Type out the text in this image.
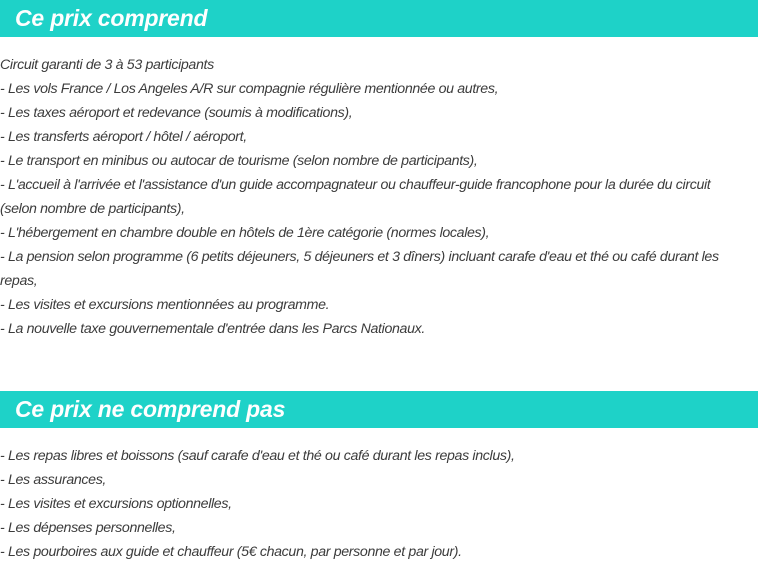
Ce prix comprend
Circuit garanti de 3 à 53 participants
- Les vols France / Los Angeles A/R sur compagnie régulière mentionnée ou autres,
- Les taxes aéroport et redevance (soumis à modifications),
- Les transferts aéroport / hôtel / aéroport,
- Le transport en minibus ou autocar de tourisme (selon nombre de participants),
- L'accueil à l'arrivée et l'assistance d'un guide accompagnateur ou chauffeur-guide francophone pour la durée du circuit
(selon nombre de participants),
- L'hébergement en chambre double en hôtels de 1ère catégorie (normes locales),
- La pension selon programme (6 petits déjeuners, 5 déjeuners et 3 dîners) incluant carafe d'eau et thé ou café durant les
repas,
- Les visites et excursions mentionnées au programme.
- La nouvelle taxe gouvernementale d'entrée dans les Parcs Nationaux.
Ce prix ne comprend pas
- Les repas libres et boissons (sauf carafe d'eau et thé ou café durant les repas inclus),
- Les assurances,
- Les visites et excursions optionnelles,
- Les dépenses personnelles,
- Les pourboires aux guide et chauffeur (5€ chacun, par personne et par jour).
